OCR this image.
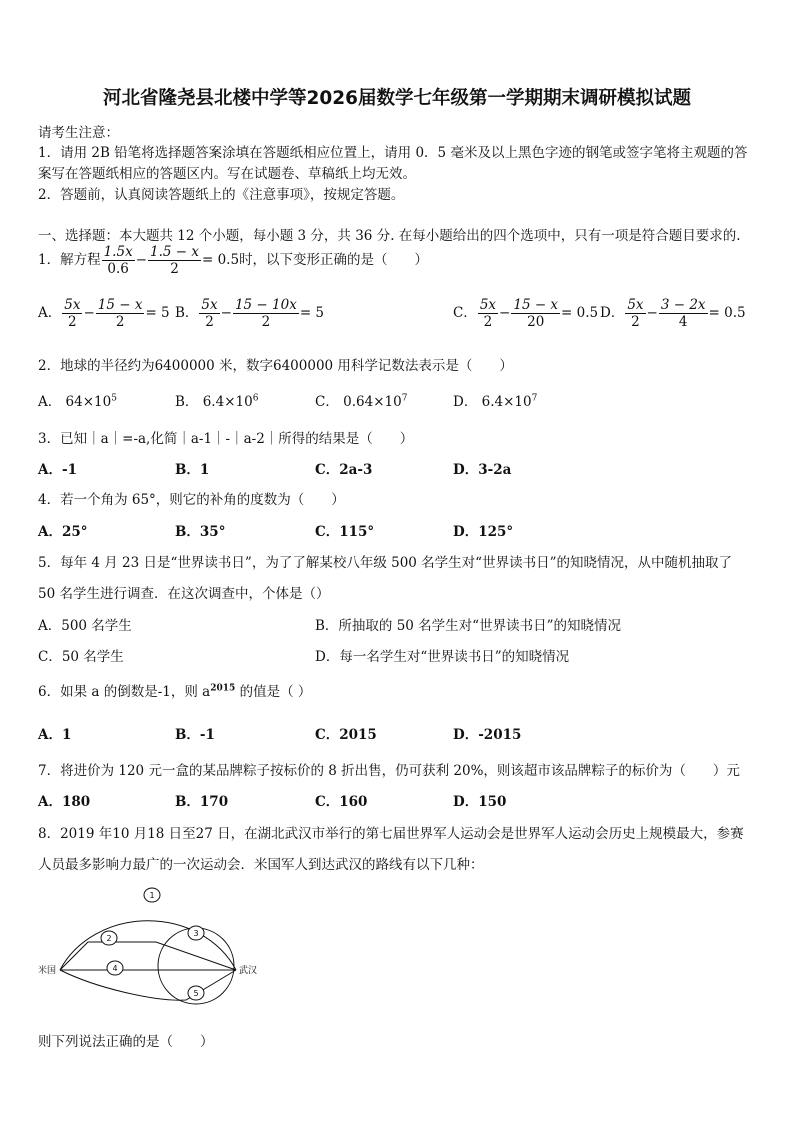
河北省隆尧县北楼中学等2026届数学七年级第一学期期末调研模拟试题
请考生注意：
1．请用 2B 铅笔将选择题答案涂填在答题纸相应位置上，请用 0．5 毫米及以上黑色字迹的钢笔或签字笔将主观题的答
案写在答题纸相应的答题区内。写在试题卷、草稿纸上均无效。
2．答题前，认真阅读答题纸上的《注意事项》，按规定答题。
一、选择题：本大题共 12 个小题，每小题 3 分，共 36 分. 在每小题给出的四个选项中，只有一项是符合题目要求的.
1．解方程 $\frac{1.5x}{0.6} - \frac{1.5 - x}{2} = 0.5$时，以下变形正确的是（　　）
A． $\frac{5x}{2} - \frac{15 - x}{2} = 5$ B． $\frac{5x}{2} - \frac{15 - 10x}{2} = 5$	C． $\frac{5x}{2} - \frac{15 - x}{20} = 0.5$ D． $\frac{5x}{2} - \frac{3 - 2x}{4} = 0.5$
2．地球的半径约为6400000 米，数字6400000 用科学记数法表示是（　　）
A． $64\times 10^5$	B． $6.4\times 10^6$	C． $0.64\times 10^7$	D． $6.4\times 10^7$
3．已知｜a｜=-a,化简｜a-1｜-｜a-2｜所得的结果是（　　）
A．-1	B．1	C．2a-3	D．3-2a
4．若一个角为 65°，则它的补角的度数为（　　）
A．25°	B．35°	C．115°	D．125°
5．每年 4 月 23 日是“世界读书日”，为了了解某校八年级 500 名学生对“世界读书日”的知晓情况，从中随机抽取了
50 名学生进行调查．在这次调查中，个体是（）
A．500 名学生	B．所抽取的 50 名学生对“世界读书日”的知晓情况
C．50 名学生	D．每一名学生对“世界读书日”的知晓情况
6．如果 a 的倒数是-1，则 $a^{2015}$ 的值是（ ）
A．1	B．-1	C．2015	D．-2015
7．将进价为 120 元一盒的某品牌粽子按标价的 8 折出售，仍可获利 20%，则该超市该品牌粽子的标价为（　　）元
A．180	B．170	C．160	D．150
8．2019 年10 月18 日至27 日，在湖北武汉市举行的第七届世界军人运动会是世界军人运动会历史上规模最大，参赛
人员最多影响力最广的一次运动会．米国军人到达武汉的路线有以下几种：
1
2
3
4
5
米国	武汉
则下列说法正确的是（　　）
